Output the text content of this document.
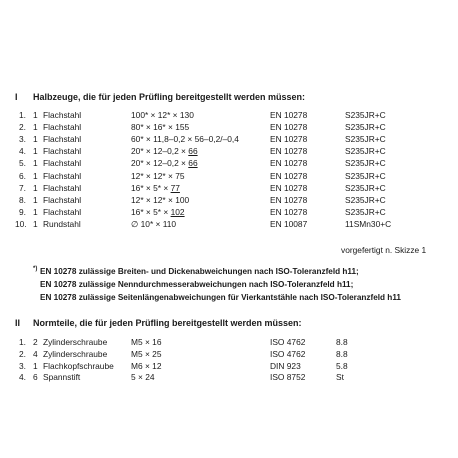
I Halbzeuge, die für jeden Prüfling bereitgestellt werden müssen:
1. 1 Flachstahl	100* × 12* × 130	EN 10278	S235JR+C
2. 1 Flachstahl	80* × 16* × 155	EN 10278	S235JR+C
3. 1 Flachstahl	60* × 11,8–0,2 × 56–0,2/–0,4	EN 10278	S235JR+C
4. 1 Flachstahl	20* × 12–0,2 × 66	EN 10278	S235JR+C
5. 1 Flachstahl	20* × 12–0,2 × 66	EN 10278	S235JR+C
6. 1 Flachstahl	12* × 12* × 75	EN 10278	S235JR+C
7. 1 Flachstahl	16* × 5* × 77	EN 10278	S235JR+C
8. 1 Flachstahl	12* × 12* × 100	EN 10278	S235JR+C
9. 1 Flachstahl	16* × 5* × 102	EN 10278	S235JR+C
10. 1 Rundstahl	∅ 10* × 110	EN 10087	11SMn30+C
vorgefertigt n. Skizze 1
*) EN 10278 zulässige Breiten- und Dickenabweichungen nach ISO-Toleranzfeld h11;
EN 10278 zulässige Nenndurchmesserabweichungen nach ISO-Toleranzfeld h11;
EN 10278 zulässige Seitenlängenabweichungen für Vierkantstähle nach ISO-Toleranzfeld h11
II Normteile, die für jeden Prüfling bereitgestellt werden müssen:
1. 2 Zylinderschraube	M5 × 16	ISO 4762	8.8
2. 4 Zylinderschraube	M5 × 25	ISO 4762	8.8
3. 1 Flachkopfschraube M6 × 12	DIN 923	5.8
4. 6 Spannstift	5 × 24	ISO 8752	St
